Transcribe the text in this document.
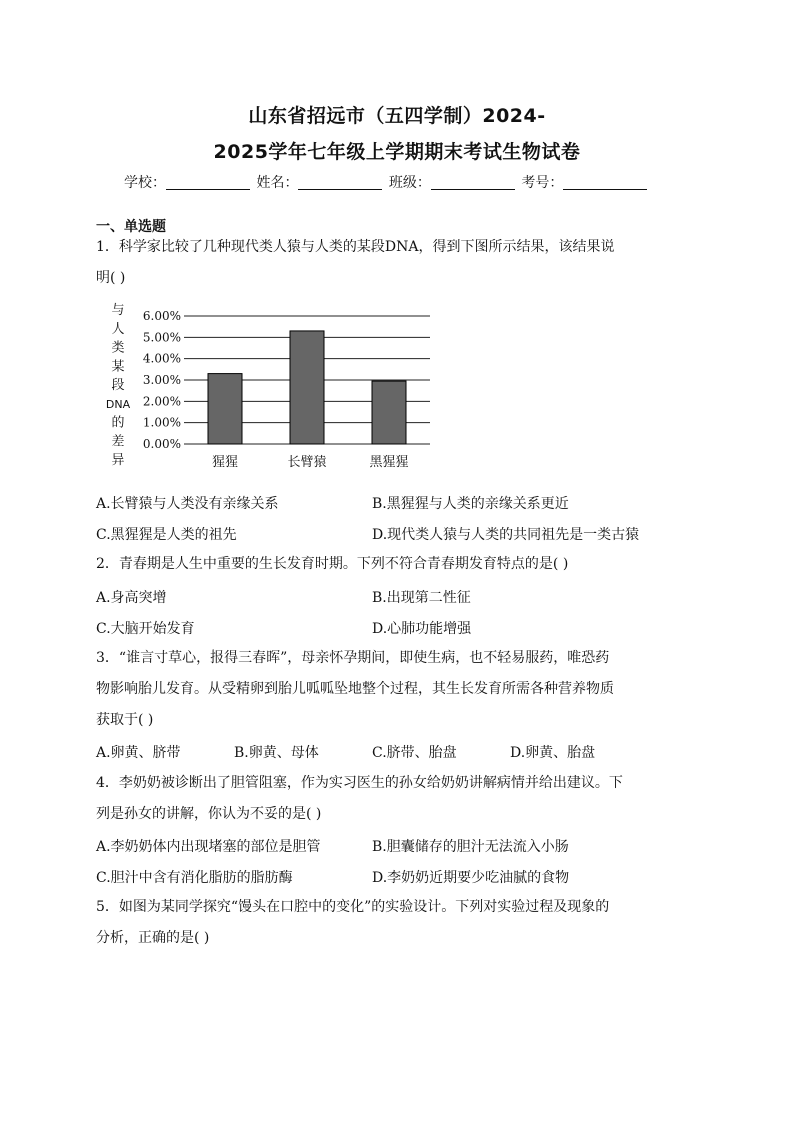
山东省招远市（五四学制）2024-
2025学年七年级上学期期末考试生物试卷
学校：	姓名：	班级：	考号：
一、单选题
1．科学家比较了几种现代类人猿与人类的某段DNA，得到下图所示结果，该结果说
明( )
0.00%
1.00%
2.00%
3.00%
4.00%
5.00%
6.00%
与
人
类
某
段
DNA
的
差
异	猩猩	长臂猿	黑猩猩
A.长臂猿与人类没有亲缘关系	B.黑猩猩与人类的亲缘关系更近
C.黑猩猩是人类的祖先	D.现代类人猿与人类的共同祖先是一类古猿
2．青春期是人生中重要的生长发育时期。下列不符合青春期发育特点的是( )
A.身高突增	B.出现第二性征
C.大脑开始发育	D.心肺功能增强
3．“谁言寸草心，报得三春晖”，母亲怀孕期间，即使生病，也不轻易服药，唯恐药
物影响胎儿发育。从受精卵到胎儿呱呱坠地整个过程，其生长发育所需各种营养物质
获取于( )
A.卵黄、脐带	B.卵黄、母体	C.脐带、胎盘	D.卵黄、胎盘
4．李奶奶被诊断出了胆管阻塞，作为实习医生的孙女给奶奶讲解病情并给出建议。下
列是孙女的讲解，你认为不妥的是( )
A.李奶奶体内出现堵塞的部位是胆管	B.胆囊储存的胆汁无法流入小肠
C.胆汁中含有消化脂肪的脂肪酶	D.李奶奶近期要少吃油腻的食物
5．如图为某同学探究“馒头在口腔中的变化”的实验设计。下列对实验过程及现象的
分析，正确的是( )
